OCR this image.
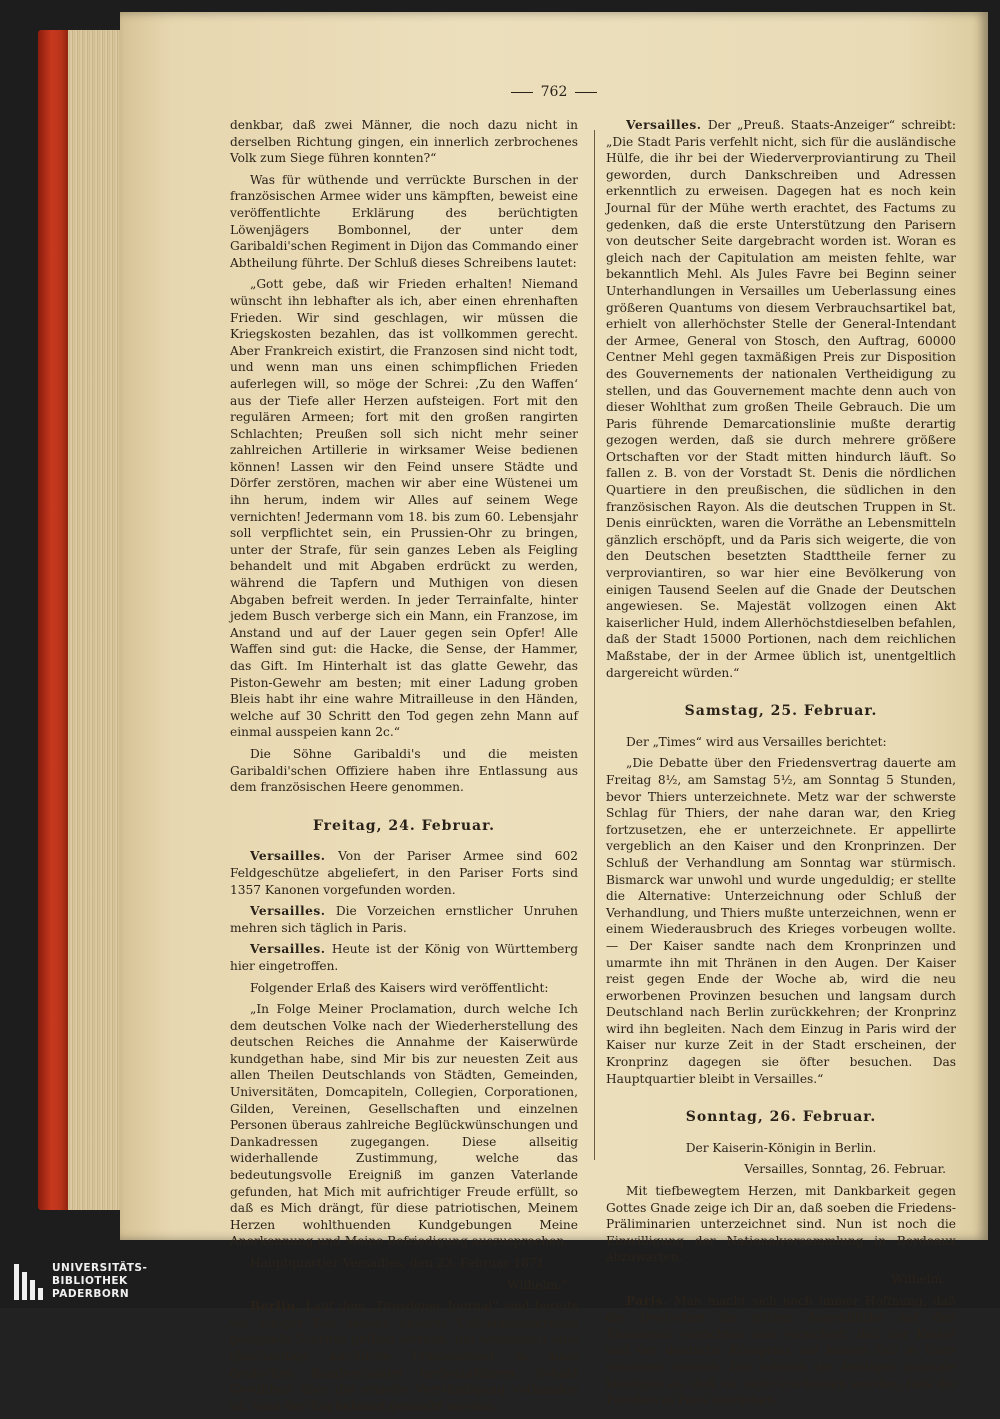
762

denkbar, daß zwei Männer, die noch dazu nicht in derselben Richtung gingen, ein innerlich zerbrochenes Volk zum Siege führen konnten?“

Was für wüthende und verrückte Burschen in der französischen Armee wider uns kämpften, beweist eine veröffentlichte Erklärung des berüchtigten Löwenjägers Bombonnel, der unter dem Garibaldi'schen Regiment in Dijon das Commando einer Abtheilung führte. Der Schluß dieses Schreibens lautet:

„Gott gebe, daß wir Frieden erhalten! Niemand wünscht ihn lebhafter als ich, aber einen ehrenhaften Frieden. Wir sind geschlagen, wir müssen die Kriegskosten bezahlen, das ist vollkommen gerecht. Aber Frankreich existirt, die Franzosen sind nicht todt, und wenn man uns einen schimpflichen Frieden auferlegen will, so möge der Schrei: ‚Zu den Waffen‘ aus der Tiefe aller Herzen aufsteigen. Fort mit den regulären Armeen; fort mit den großen rangirten Schlachten; Preußen soll sich nicht mehr seiner zahlreichen Artillerie in wirksamer Weise bedienen können! Lassen wir den Feind unsere Städte und Dörfer zerstören, machen wir aber eine Wüstenei um ihn herum, indem wir Alles auf seinem Wege vernichten! Jedermann vom 18. bis zum 60. Lebensjahr soll verpflichtet sein, ein Prussien-Ohr zu bringen, unter der Strafe, für sein ganzes Leben als Feigling behandelt und mit Abgaben erdrückt zu werden, während die Tapfern und Muthigen von diesen Abgaben befreit werden. In jeder Terrainfalte, hinter jedem Busch verberge sich ein Mann, ein Franzose, im Anstand und auf der Lauer gegen sein Opfer! Alle Waffen sind gut: die Hacke, die Sense, der Hammer, das Gift. Im Hinterhalt ist das glatte Gewehr, das Piston-Gewehr am besten; mit einer Ladung groben Bleis habt ihr eine wahre Mitrailleuse in den Händen, welche auf 30 Schritt den Tod gegen zehn Mann auf einmal ausspeien kann 2c.“

Die Söhne Garibaldi's und die meisten Garibaldi'schen Offiziere haben ihre Entlassung aus dem französischen Heere genommen.

Freitag, 24. Februar.

Versailles. Von der Pariser Armee sind 602 Feldgeschütze abgeliefert, in den Pariser Forts sind 1357 Kanonen vorgefunden worden.

Versailles. Die Vorzeichen ernstlicher Unruhen mehren sich täglich in Paris.

Versailles. Heute ist der König von Württemberg hier eingetroffen.

Folgender Erlaß des Kaisers wird veröffentlicht:

„In Folge Meiner Proclamation, durch welche Ich dem deutschen Volke nach der Wiederherstellung des deutschen Reiches die Annahme der Kaiserwürde kundgethan habe, sind Mir bis zur neuesten Zeit aus allen Theilen Deutschlands von Städten, Gemeinden, Universitäten, Domcapiteln, Collegien, Corporationen, Gilden, Vereinen, Gesellschaften und einzelnen Personen überaus zahlreiche Beglückwünschungen und Dankadressen zugegangen. Diese allseitig widerhallende Zustimmung, welche das bedeutungsvolle Ereigniß im ganzen Vaterlande gefunden, hat Mich mit aufrichtiger Freude erfüllt, so daß es Mich drängt, für diese patriotischen, Meinem Herzen wohlthuenden Kundgebungen Meine Anerkennung und Meine Befriedigung auszusprechen.

Hauptquartier Versailles, den 23. Februar 1871.

Wilhelm.“

Berlin. Laut dem „Dresdener Journal“ sind bereits vor einiger Zeit seitens unseres Cultusministeriums geeignete Schritte gethan worden, um womöglich eine gleichzeitige kirchliche Friedensfeier in allen deutschen Bundesstaaten herbeizuführen. Sobald Gewißheit über die erzielte Verständigung vorhanden ist, wird der Tag bekannt gemacht werden.

Versailles. Der „Preuß. Staats-Anzeiger“ schreibt: „Die Stadt Paris verfehlt nicht, sich für die ausländische Hülfe, die ihr bei der Wiederverproviantirung zu Theil geworden, durch Dankschreiben und Adressen erkenntlich zu erweisen. Dagegen hat es noch kein Journal für der Mühe werth erachtet, des Factums zu gedenken, daß die erste Unterstützung den Parisern von deutscher Seite dargebracht worden ist. Woran es gleich nach der Capitulation am meisten fehlte, war bekanntlich Mehl. Als Jules Favre bei Beginn seiner Unterhandlungen in Versailles um Ueberlassung eines größeren Quantums von diesem Verbrauchsartikel bat, erhielt von allerhöchster Stelle der General-Intendant der Armee, General von Stosch, den Auftrag, 60000 Centner Mehl gegen taxmäßigen Preis zur Disposition des Gouvernements der nationalen Vertheidigung zu stellen, und das Gouvernement machte denn auch von dieser Wohlthat zum großen Theile Gebrauch. Die um Paris führende Demarcationslinie mußte derartig gezogen werden, daß sie durch mehrere größere Ortschaften vor der Stadt mitten hindurch läuft. So fallen z. B. von der Vorstadt St. Denis die nördlichen Quartiere in den preußischen, die südlichen in den französischen Rayon. Als die deutschen Truppen in St. Denis einrückten, waren die Vorräthe an Lebensmitteln gänzlich erschöpft, und da Paris sich weigerte, die von den Deutschen besetzten Stadttheile ferner zu verproviantiren, so war hier eine Bevölkerung von einigen Tausend Seelen auf die Gnade der Deutschen angewiesen. Se. Majestät vollzogen einen Akt kaiserlicher Huld, indem Allerhöchstdieselben befahlen, daß der Stadt 15000 Portionen, nach dem reichlichen Maßstabe, der in der Armee üblich ist, unentgeltlich dargereicht würden.“

Samstag, 25. Februar.

Der „Times“ wird aus Versailles berichtet:

„Die Debatte über den Friedensvertrag dauerte am Freitag 8½, am Samstag 5½, am Sonntag 5 Stunden, bevor Thiers unterzeichnete. Metz war der schwerste Schlag für Thiers, der nahe daran war, den Krieg fortzusetzen, ehe er unterzeichnete. Er appellirte vergeblich an den Kaiser und den Kronprinzen. Der Schluß der Verhandlung am Sonntag war stürmisch. Bismarck war unwohl und wurde ungeduldig; er stellte die Alternative: Unterzeichnung oder Schluß der Verhandlung, und Thiers mußte unterzeichnen, wenn er einem Wiederausbruch des Krieges vorbeugen wollte. — Der Kaiser sandte nach dem Kronprinzen und umarmte ihn mit Thränen in den Augen. Der Kaiser reist gegen Ende der Woche ab, wird die neu erworbenen Provinzen besuchen und langsam durch Deutschland nach Berlin zurückkehren; der Kronprinz wird ihn begleiten. Nach dem Einzug in Paris wird der Kaiser nur kurze Zeit in der Stadt erscheinen, der Kronprinz dagegen sie öfter besuchen. Das Hauptquartier bleibt in Versailles.“

Sonntag, 26. Februar.

Der Kaiserin-Königin in Berlin.

Versailles, Sonntag, 26. Februar.

Mit tiefbewegtem Herzen, mit Dankbarkeit gegen Gottes Gnade zeige ich Dir an, daß soeben die Friedens-Präliminarien unterzeichnet sind. Nun ist noch die Einwilligung der Nationalversammlung in Bordeaux abzuwarten.

Wilhelm.

Paris. Man macht sich noch immer Hoffnung, daß die Deutschen im letzten Augenblicke auf den Einmarsch verzichten und versichert, daß der Kaiser und der deutsche Kronprinz auf keinen Fall in Paris einziehen werden. Die meisten der heutigen Journale kündigen an, daß sie nicht erscheinen werden, falls die Preußen in Paris einrücken.

UNIVERSITÄTS-
BIBLIOTHEK
PADERBORN
